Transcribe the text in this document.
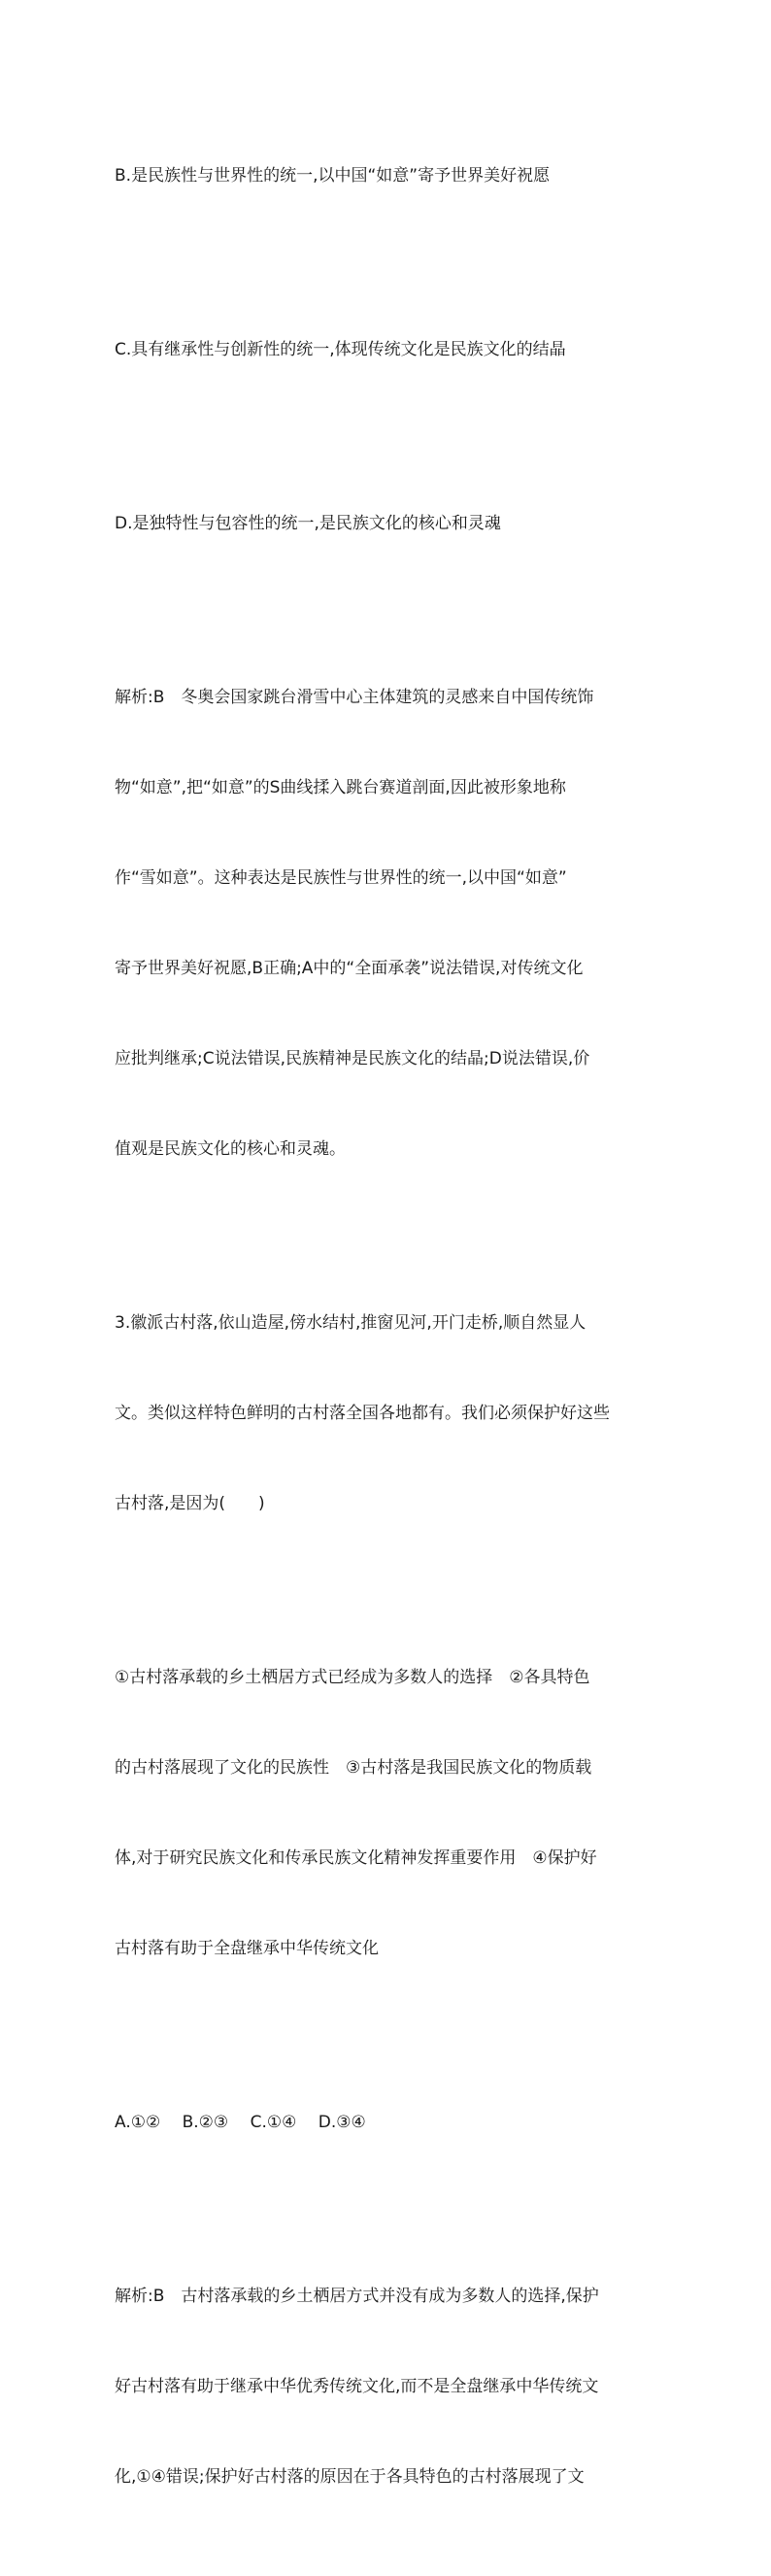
B.是民族性与世界性的统一,以中国“如意”寄予世界美好祝愿

C.具有继承性与创新性的统一,体现传统文化是民族文化的结晶

D.是独特性与包容性的统一,是民族文化的核心和灵魂

解析:B　冬奥会国家跳台滑雪中心主体建筑的灵感来自中国传统饰

物“如意”,把“如意”的S曲线揉入跳台赛道剖面,因此被形象地称

作“雪如意”。这种表达是民族性与世界性的统一,以中国“如意”

寄予世界美好祝愿,B正确;A中的“全面承袭”说法错误,对传统文化

应批判继承;C说法错误,民族精神是民族文化的结晶;D说法错误,价

值观是民族文化的核心和灵魂。

3.徽派古村落,依山造屋,傍水结村,推窗见河,开门走桥,顺自然显人

文。类似这样特色鲜明的古村落全国各地都有。我们必须保护好这些

古村落,是因为(　　)

①古村落承载的乡土栖居方式已经成为多数人的选择　②各具特色

的古村落展现了文化的民族性　③古村落是我国民族文化的物质载

体,对于研究民族文化和传承民族文化精神发挥重要作用　④保护好

古村落有助于全盘继承中华传统文化

A.①②　 B.②③　 C.①④　 D.③④

解析:B　古村落承载的乡土栖居方式并没有成为多数人的选择,保护

好古村落有助于继承中华优秀传统文化,而不是全盘继承中华传统文

化,①④错误;保护好古村落的原因在于各具特色的古村落展现了文
